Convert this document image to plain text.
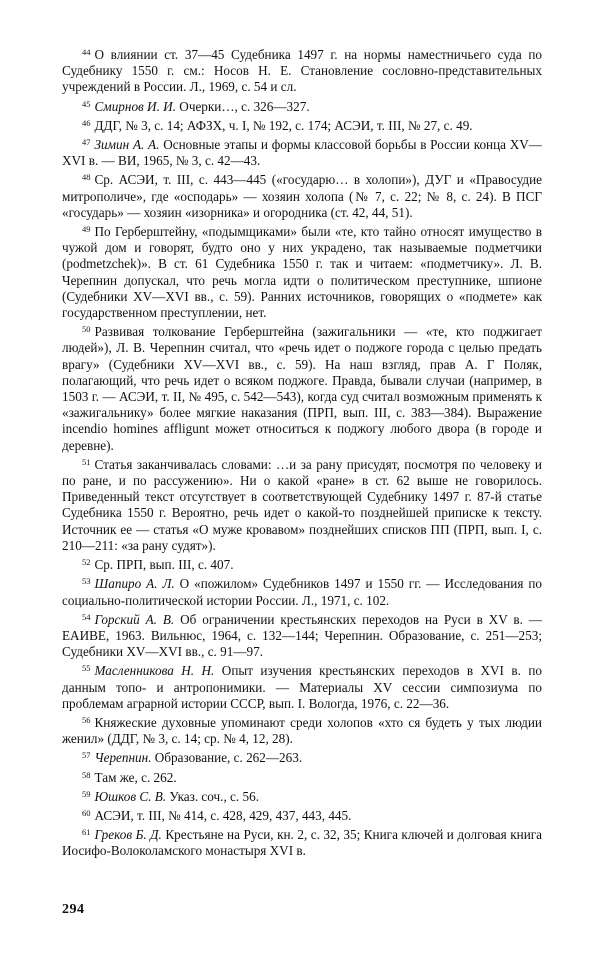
$^{44}$ О влиянии ст. 37—45 Судебника 1497 г. на нормы наместничьего суда по Судебнику 1550 г. см.: Носов Н. Е. Становление сословно-представительных учреждений в России. Л., 1969, с. 54 и сл.

$^{45}$ Смирнов И. И. Очерки…, с. 326—327.

$^{46}$ ДДГ, № 3, с. 14; АФЗХ, ч. I, № 192, с. 174; АСЭИ, т. III, № 27, с. 49.

$^{47}$ Зимин А. А. Основные этапы и формы классовой борьбы в России конца XV—XVI в. — ВИ, 1965, № 3, с. 42—43.

$^{48}$ Ср. АСЭИ, т. III, с. 443—445 («государю… в холопи»), ДУГ и «Правосудие митрополиче», где «осподарь» — хозяин холопа (№ 7, с. 22; № 8, с. 24). В ПСГ «государь» — хозяин «изорника» и огородника (ст. 42, 44, 51).

$^{49}$ По Герберштейну, «подымщиками» были «те, кто тайно относят имущество в чужой дом и говорят, будто оно у них украдено, так называемые подметчики (podmetzchek)». В ст. 61 Судебника 1550 г. так и читаем: «подметчику». Л. В. Черепнин допускал, что речь могла идти о политическом преступнике, шпионе (Судебники XV—XVI вв., с. 59). Ранних источников, говорящих о «подмете» как государственном преступлении, нет.

$^{50}$ Развивая толкование Герберштейна (зажигальники — «те, кто поджигает людей»), Л. В. Черепнин считал, что «речь идет о поджоге города с целью предать врагу» (Судебники XV—XVI вв., с. 59). На наш взгляд, прав А. Г Поляк, полагающий, что речь идет о всяком поджоге. Правда, бывали случаи (например, в 1503 г. — АСЭИ, т. II, № 495, с. 542—543), когда суд считал возможным применять к «зажигальнику» более мягкие наказания (ПРП, вып. III, с. 383—384). Выражение incendio homines affligunt может относиться к поджогу любого двора (в городе и деревне).

$^{51}$ Статья заканчивалась словами: …и за рану присудят, посмотря по человеку и по ране, и по рассужению». Ни о какой «ране» в ст. 62 выше не говорилось. Приведенный текст отсутствует в соответствующей Судебнику 1497 г. 87-й статье Судебника 1550 г. Вероятно, речь идет о какой-то позднейшей приписке к тексту. Источник ее — статья «О муже кровавом» позднейших списков ПП (ПРП, вып. I, с. 210—211: «за рану судят»).

$^{52}$ Ср. ПРП, вып. III, с. 407.

$^{53}$ Шапиро А. Л. О «пожилом» Судебников 1497 и 1550 гг. — Исследования по социально-политической истории России. Л., 1971, с. 102.

$^{54}$ Горский А. В. Об ограничении крестьянских переходов на Руси в XV в. — ЕАИВЕ, 1963. Вильнюс, 1964, с. 132—144; Черепнин. Образование, с. 251—253; Судебники XV—XVI вв., с. 91—97.

$^{55}$ Масленникова Н. Н. Опыт изучения крестьянских переходов в XVI в. по данным топо- и антропонимики. — Материалы XV сессии симпозиума по проблемам аграрной истории СССР, вып. I. Вологда, 1976, с. 22—36.

$^{56}$ Княжеские духовные упоминают среди холопов «хто ся будеть у тых людии женил» (ДДГ, № 3, с. 14; ср. № 4, 12, 28).

$^{57}$ Черепнин. Образование, с. 262—263.

$^{58}$ Там же, с. 262.

$^{59}$ Юшков С. В. Указ. соч., с. 56.

$^{60}$ АСЭИ, т. III, № 414, с. 428, 429, 437, 443, 445.

$^{61}$ Греков Б. Д. Крестьяне на Руси, кн. 2, с. 32, 35; Книга ключей и долговая книга Иосифо-Волоколамского монастыря XVI в.

294
